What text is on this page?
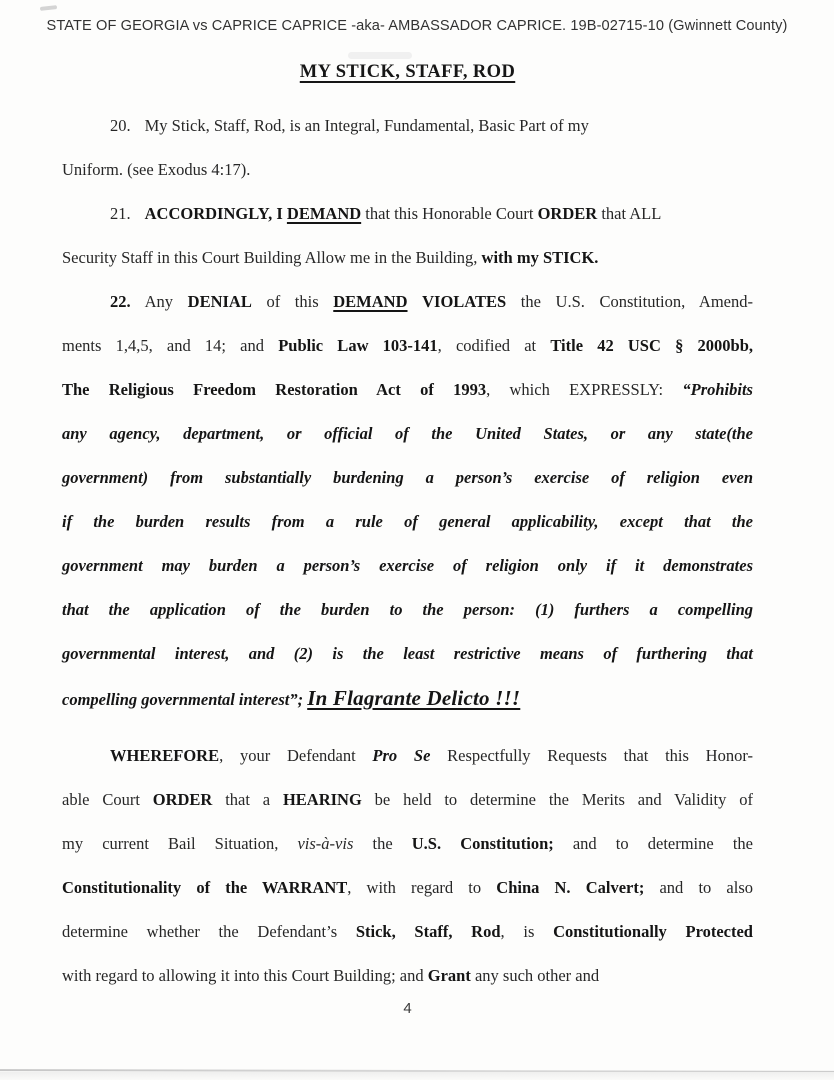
STATE OF GEORGIA vs CAPRICE CAPRICE -aka- AMBASSADOR CAPRICE. 19B-02715-10 (Gwinnett County)
MY STICK, STAFF, ROD
20. My Stick, Staff, Rod, is an Integral, Fundamental, Basic Part of my
Uniform. (see Exodus 4:17).
21. ACCORDINGLY, I DEMAND that this Honorable Court ORDER that ALL
Security Staff in this Court Building Allow me in the Building, with my STICK.
22. Any DENIAL of this DEMAND VIOLATES the U.S. Constitution, Amend-
ments 1,4,5, and 14; and Public Law 103-141, codified at Title 42 USC § 2000bb,
The Religious Freedom Restoration Act of 1993, which EXPRESSLY: “Prohibits
any agency, department, or official of the United States, or any state(the
government) from substantially burdening a person’s exercise of religion even
if the burden results from a rule of general applicability, except that the
government may burden a person’s exercise of religion only if it demonstrates
that the application of the burden to the person: (1) furthers a compelling
governmental interest, and (2) is the least restrictive means of furthering that
compelling governmental interest”; In Flagrante Delicto !!!
WHEREFORE, your Defendant Pro Se Respectfully Requests that this Honor-
able Court ORDER that a HEARING be held to determine the Merits and Validity of
my current Bail Situation, vis-à-vis the U.S. Constitution; and to determine the
Constitutionality of the WARRANT, with regard to China N. Calvert; and to also
determine whether the Defendant’s Stick, Staff, Rod, is Constitutionally Protected
with regard to allowing it into this Court Building; and Grant any such other and
4
